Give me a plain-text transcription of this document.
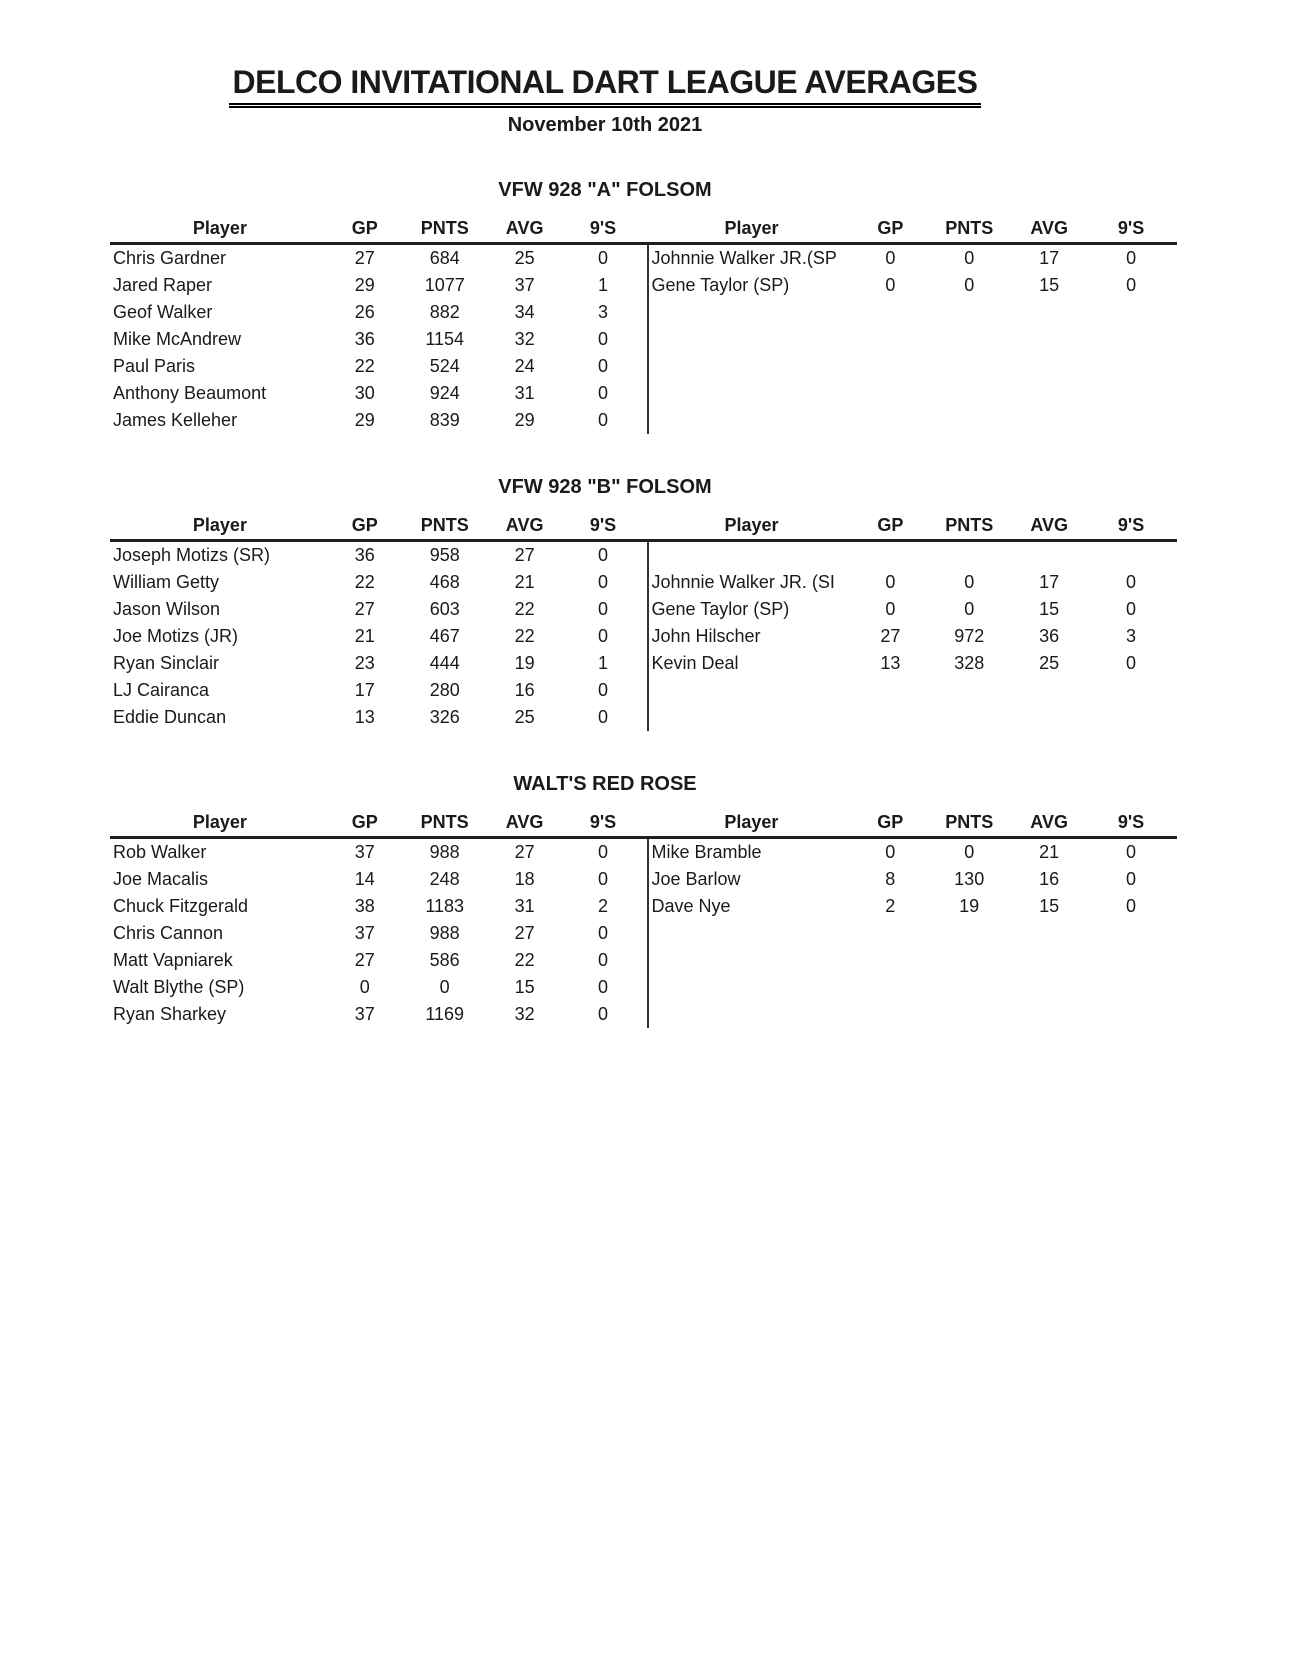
DELCO INVITATIONAL DART LEAGUE AVERAGES
November 10th 2021
VFW 928 "A" FOLSOM
Player	GP	PNTS	AVG	9'S
Chris Gardner	27	684	25	0
Jared Raper	29	1077	37	1
Geof Walker	26	882	34	3
Mike McAndrew	36	1154	32	0
Paul Paris	22	524	24	0
Anthony Beaumont	30	924	31	0
James Kelleher	29	839	29	0
Player	GP	PNTS	AVG	9'S
Johnnie Walker JR.(SP	0	0	17	0
Gene Taylor (SP)	0	0	15	0

VFW 928 "B" FOLSOM
Player	GP	PNTS	AVG	9'S
Joseph Motizs (SR)	36	958	27	0
William Getty	22	468	21	0
Jason Wilson	27	603	22	0
Joe Motizs (JR)	21	467	22	0
Ryan Sinclair	23	444	19	1
LJ Cairanca	17	280	16	0
Eddie Duncan	13	326	25	0
Player	GP	PNTS	AVG	9'S

Johnnie Walker JR. (SI	0	0	17	0
Gene Taylor (SP)	0	0	15	0
John Hilscher	27	972	36	3
Kevin Deal	13	328	25	0

WALT'S RED ROSE
Player	GP	PNTS	AVG	9'S
Rob Walker	37	988	27	0
Joe Macalis	14	248	18	0
Chuck Fitzgerald	38	1183	31	2
Chris Cannon	37	988	27	0
Matt Vapniarek	27	586	22	0
Walt Blythe (SP)	0	0	15	0
Ryan Sharkey	37	1169	32	0
Player	GP	PNTS	AVG	9'S
Mike Bramble	0	0	21	0
Joe Barlow	8	130	16	0
Dave Nye	2	19	15	0
